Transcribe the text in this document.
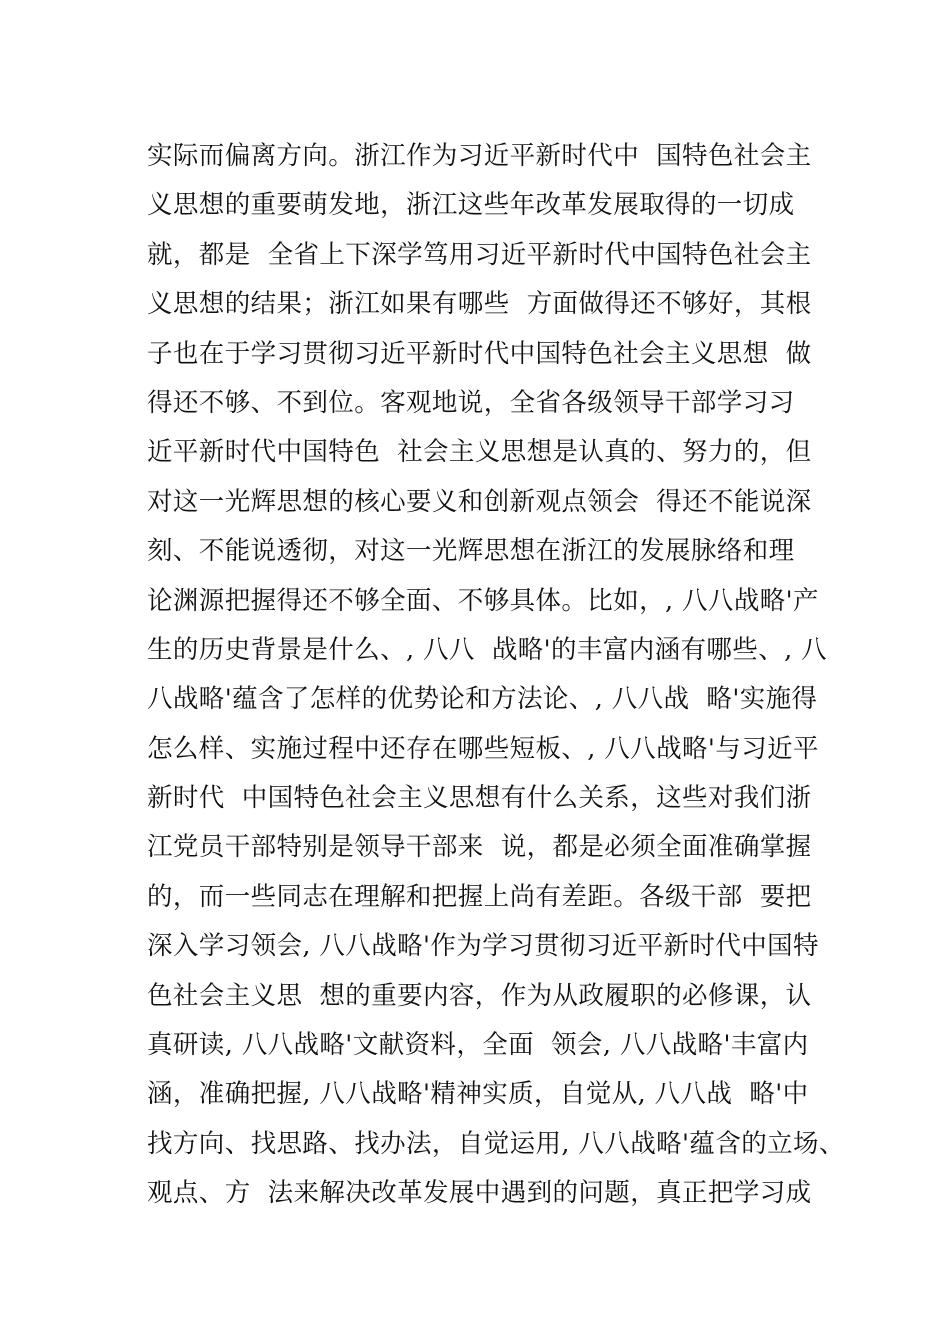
实际而偏离方向。浙江作为习近平新时代中  国特色社会主
义思想的重要萌发地，浙江这些年改革发展取得的一切成
就，都是  全省上下深学笃用习近平新时代中国特色社会主
义思想的结果；浙江如果有哪些  方面做得还不够好，其根
子也在于学习贯彻习近平新时代中国特色社会主义思想  做
得还不够、不到位。客观地说，全省各级领导干部学习习
近平新时代中国特色  社会主义思想是认真的、努力的，但
对这一光辉思想的核心要义和创新观点领会  得还不能说深
刻、不能说透彻，对这一光辉思想在浙江的发展脉络和理
论渊源把握得还不够全面、不够具体。比如，, 八八战略'产
生的历史背景是什么、, 八八  战略'的丰富内涵有哪些、, 八
八战略'蕴含了怎样的优势论和方法论、, 八八战  略'实施得
怎么样、实施过程中还存在哪些短板、, 八八战略'与习近平
新时代  中国特色社会主义思想有什么关系，这些对我们浙
江党员干部特别是领导干部来  说，都是必须全面准确掌握
的，而一些同志在理解和把握上尚有差距。各级干部  要把
深入学习领会, 八八战略'作为学习贯彻习近平新时代中国特
色社会主义思  想的重要内容，作为从政履职的必修课，认
真研读, 八八战略'文献资料，全面  领会, 八八战略'丰富内
涵，准确把握, 八八战略'精神实质，自觉从, 八八战  略'中
找方向、找思路、找办法，自觉运用, 八八战略'蕴含的立场、
观点、方  法来解决改革发展中遇到的问题，真正把学习成
